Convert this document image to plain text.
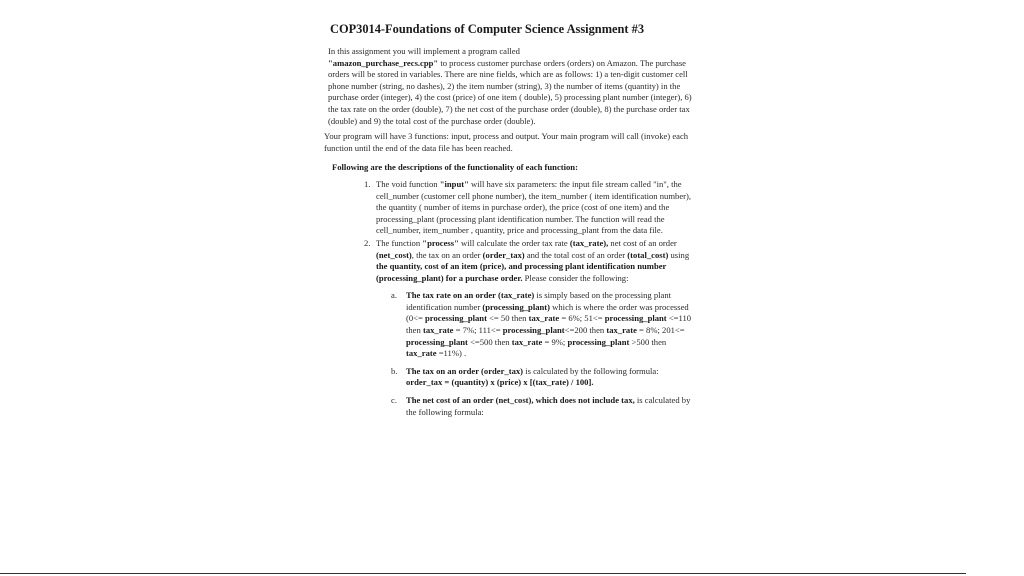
COP3014-Foundations of Computer Science Assignment #3

In this assignment you will implement a program called
"amazon_purchase_recs.cpp" to process customer purchase orders (orders) on Amazon. The purchase orders will be stored in variables. There are nine fields, which are as follows: 1) a ten-digit customer cell phone number (string, no dashes), 2) the item number (string), 3) the number of items (quantity) in the purchase order (integer), 4) the cost (price) of one item ( double), 5) processing plant number (integer), 6) the tax rate on the order (double), 7) the net cost of the purchase order (double), 8) the purchase order tax (double) and 9) the total cost of the purchase order (double).

Your program will have 3 functions: input, process and output. Your main program will call (invoke) each function until the end of the data file has been reached.

Following are the descriptions of the functionality of each function:

1. The void function "input" will have six parameters: the input file stream called "in", the cell_number (customer cell phone number), the item_number ( item identification number), the quantity ( number of items in purchase order), the price (cost of one item) and the processing_plant (processing plant identification number. The function will read the cell_number, item_number , quantity, price and processing_plant from the data file.
2. The function "process" will calculate the order tax rate (tax_rate), net cost of an order (net_cost), the tax on an order (order_tax) and the total cost of an order (total_cost) using the quantity, cost of an item (price), and processing plant identification number (processing_plant) for a purchase order. Please consider the following:
a. The tax rate on an order (tax_rate) is simply based on the processing plant identification number (processing_plant) which is where the order was processed (0<= processing_plant <= 50 then tax_rate = 6%; 51<= processing_plant <=110 then tax_rate = 7%; 111<= processing_plant<=200 then tax_rate = 8%; 201<= processing_plant <=500 then tax_rate = 9%; processing_plant >500 then tax_rate =11%) .
b. The tax on an order (order_tax) is calculated by the following formula:
order_tax = (quantity) x (price) x [(tax_rate) / 100].
c. The net cost of an order (net_cost), which does not include tax, is calculated by the following formula:
